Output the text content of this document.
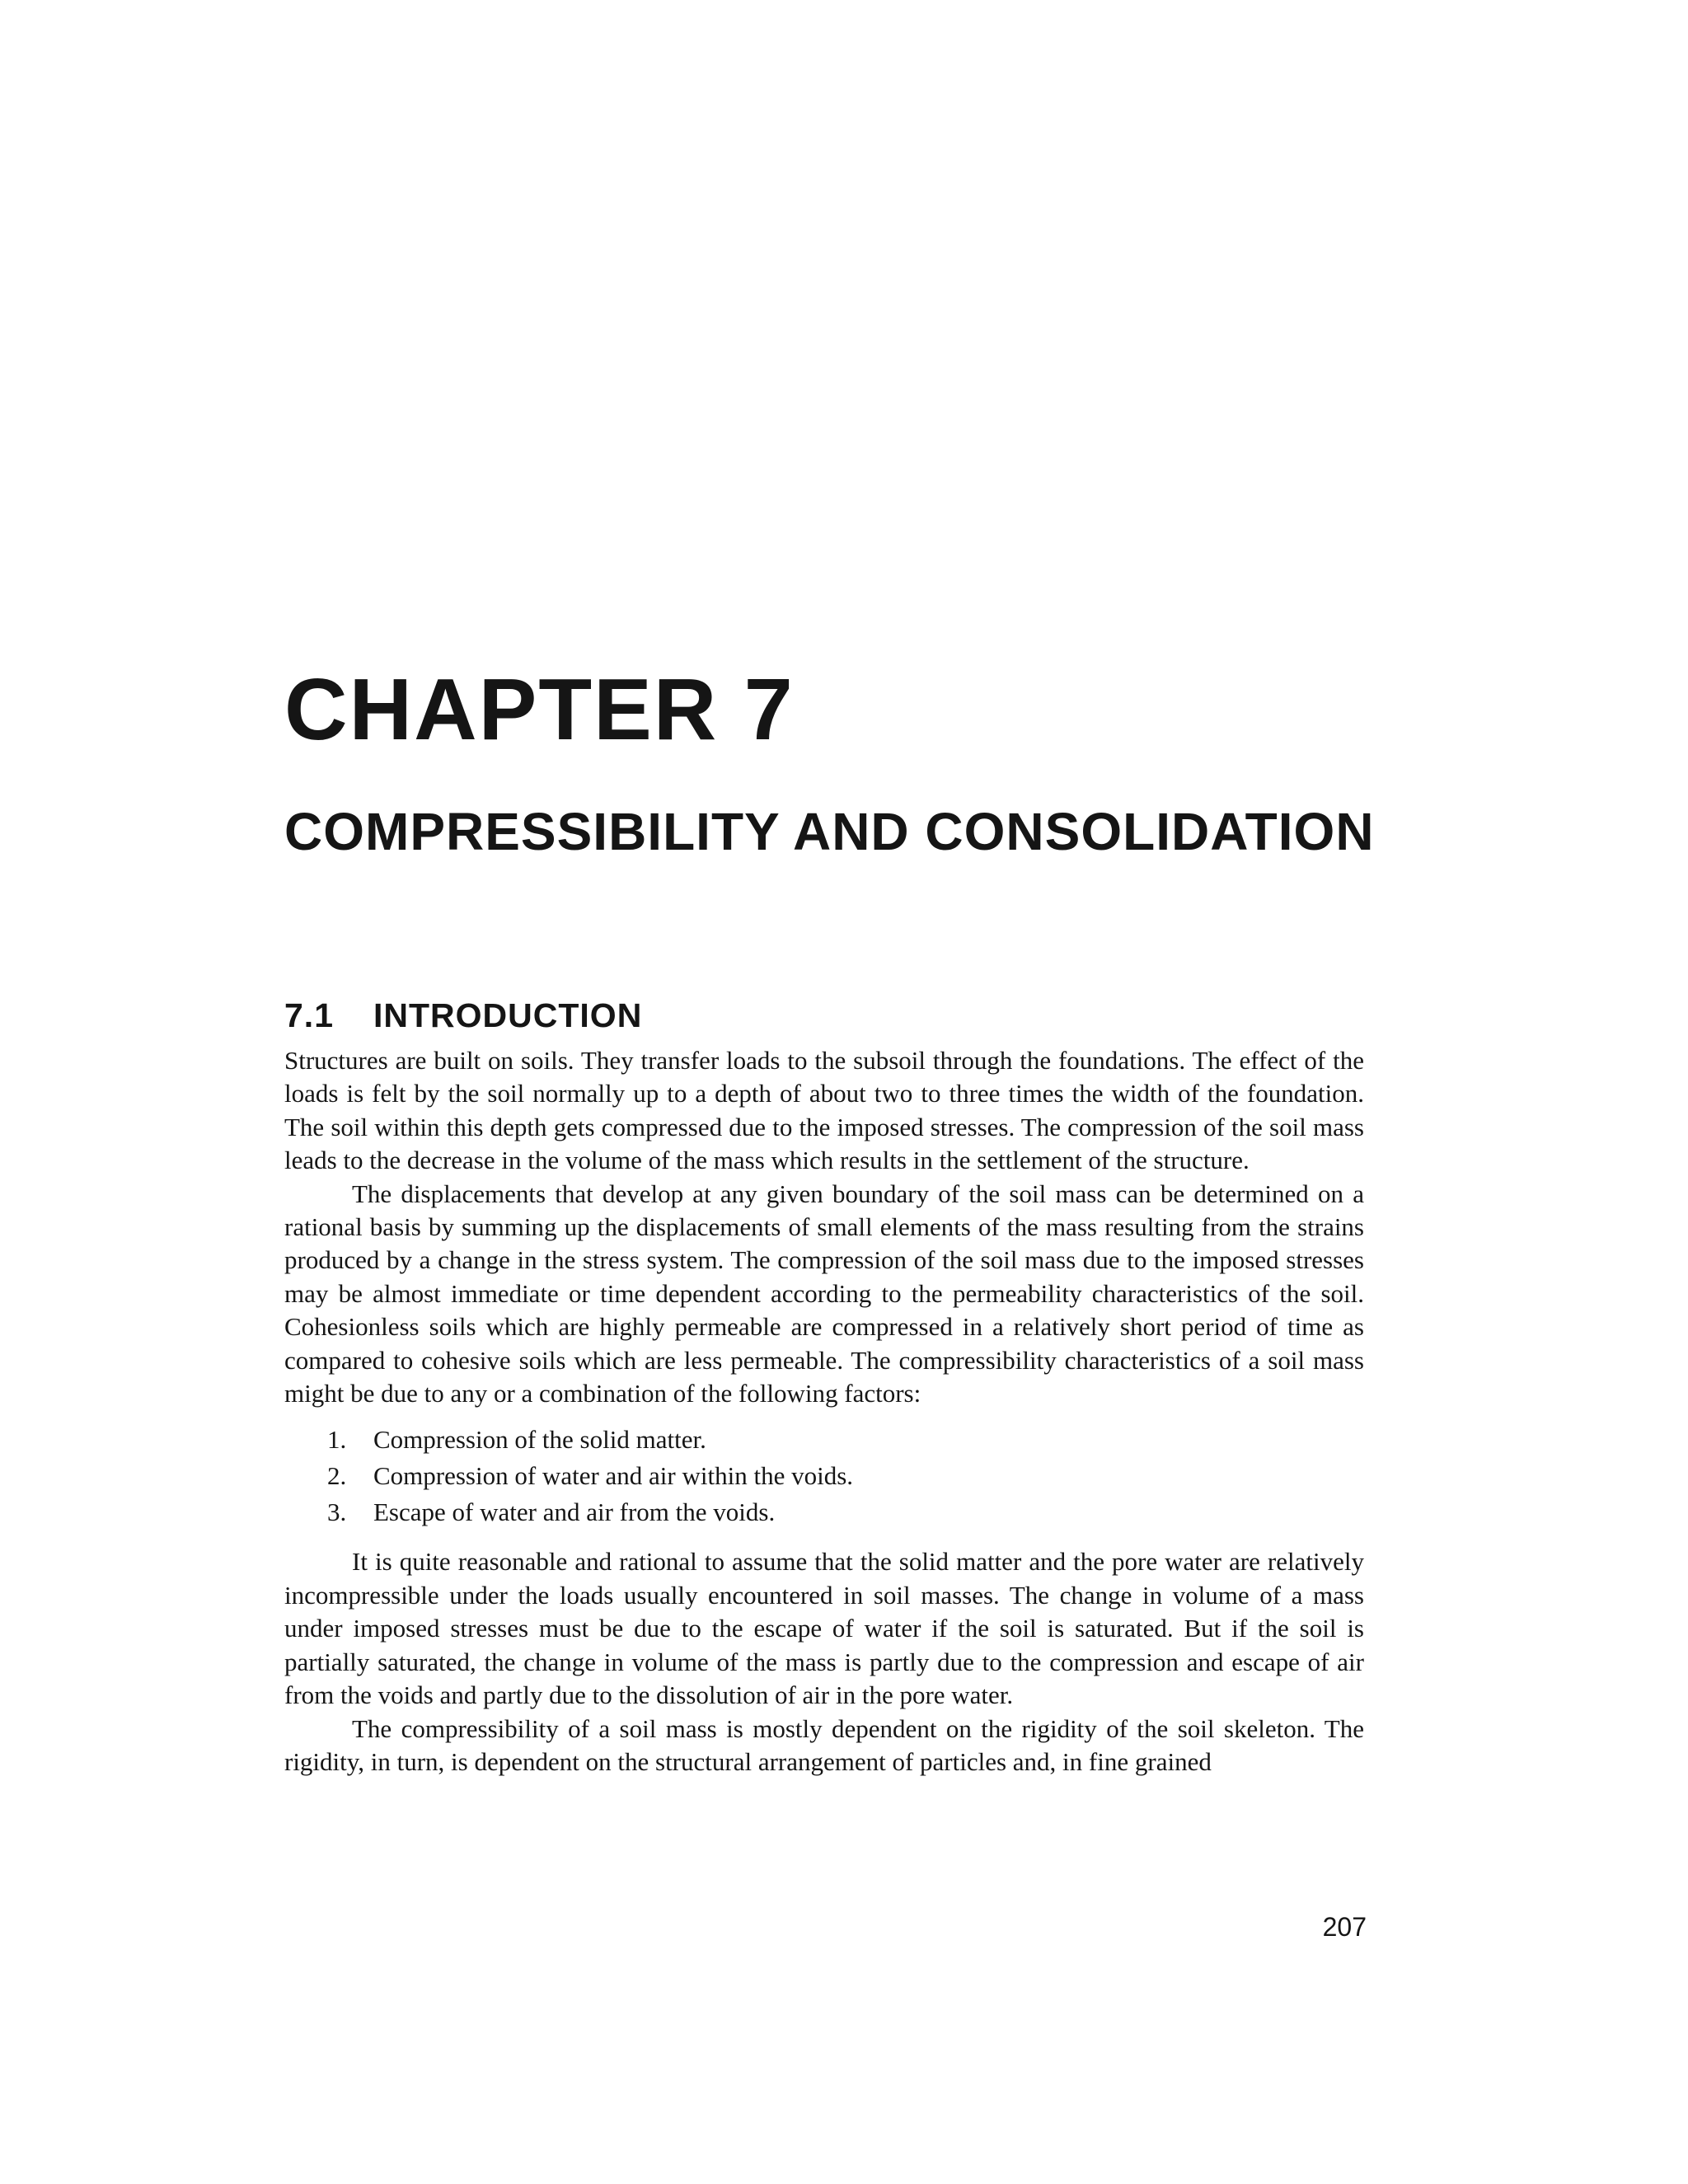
CHAPTER 7
COMPRESSIBILITY AND CONSOLIDATION
7.1 INTRODUCTION

Structures are built on soils. They transfer loads to the subsoil through the foundations. The effect of the loads is felt by the soil normally up to a depth of about two to three times the width of the foundation. The soil within this depth gets compressed due to the imposed stresses. The compression of the soil mass leads to the decrease in the volume of the mass which results in the settlement of the structure.

The displacements that develop at any given boundary of the soil mass can be determined on a rational basis by summing up the displacements of small elements of the mass resulting from the strains produced by a change in the stress system. The compression of the soil mass due to the imposed stresses may be almost immediate or time dependent according to the permeability characteristics of the soil. Cohesionless soils which are highly permeable are compressed in a relatively short period of time as compared to cohesive soils which are less permeable. The compressibility characteristics of a soil mass might be due to any or a combination of the following factors:

1. Compression of the solid matter.
2. Compression of water and air within the voids.
3. Escape of water and air from the voids.

It is quite reasonable and rational to assume that the solid matter and the pore water are relatively incompressible under the loads usually encountered in soil masses. The change in volume of a mass under imposed stresses must be due to the escape of water if the soil is saturated. But if the soil is partially saturated, the change in volume of the mass is partly due to the compression and escape of air from the voids and partly due to the dissolution of air in the pore water.

The compressibility of a soil mass is mostly dependent on the rigidity of the soil skeleton. The rigidity, in turn, is dependent on the structural arrangement of particles and, in fine grained

207
